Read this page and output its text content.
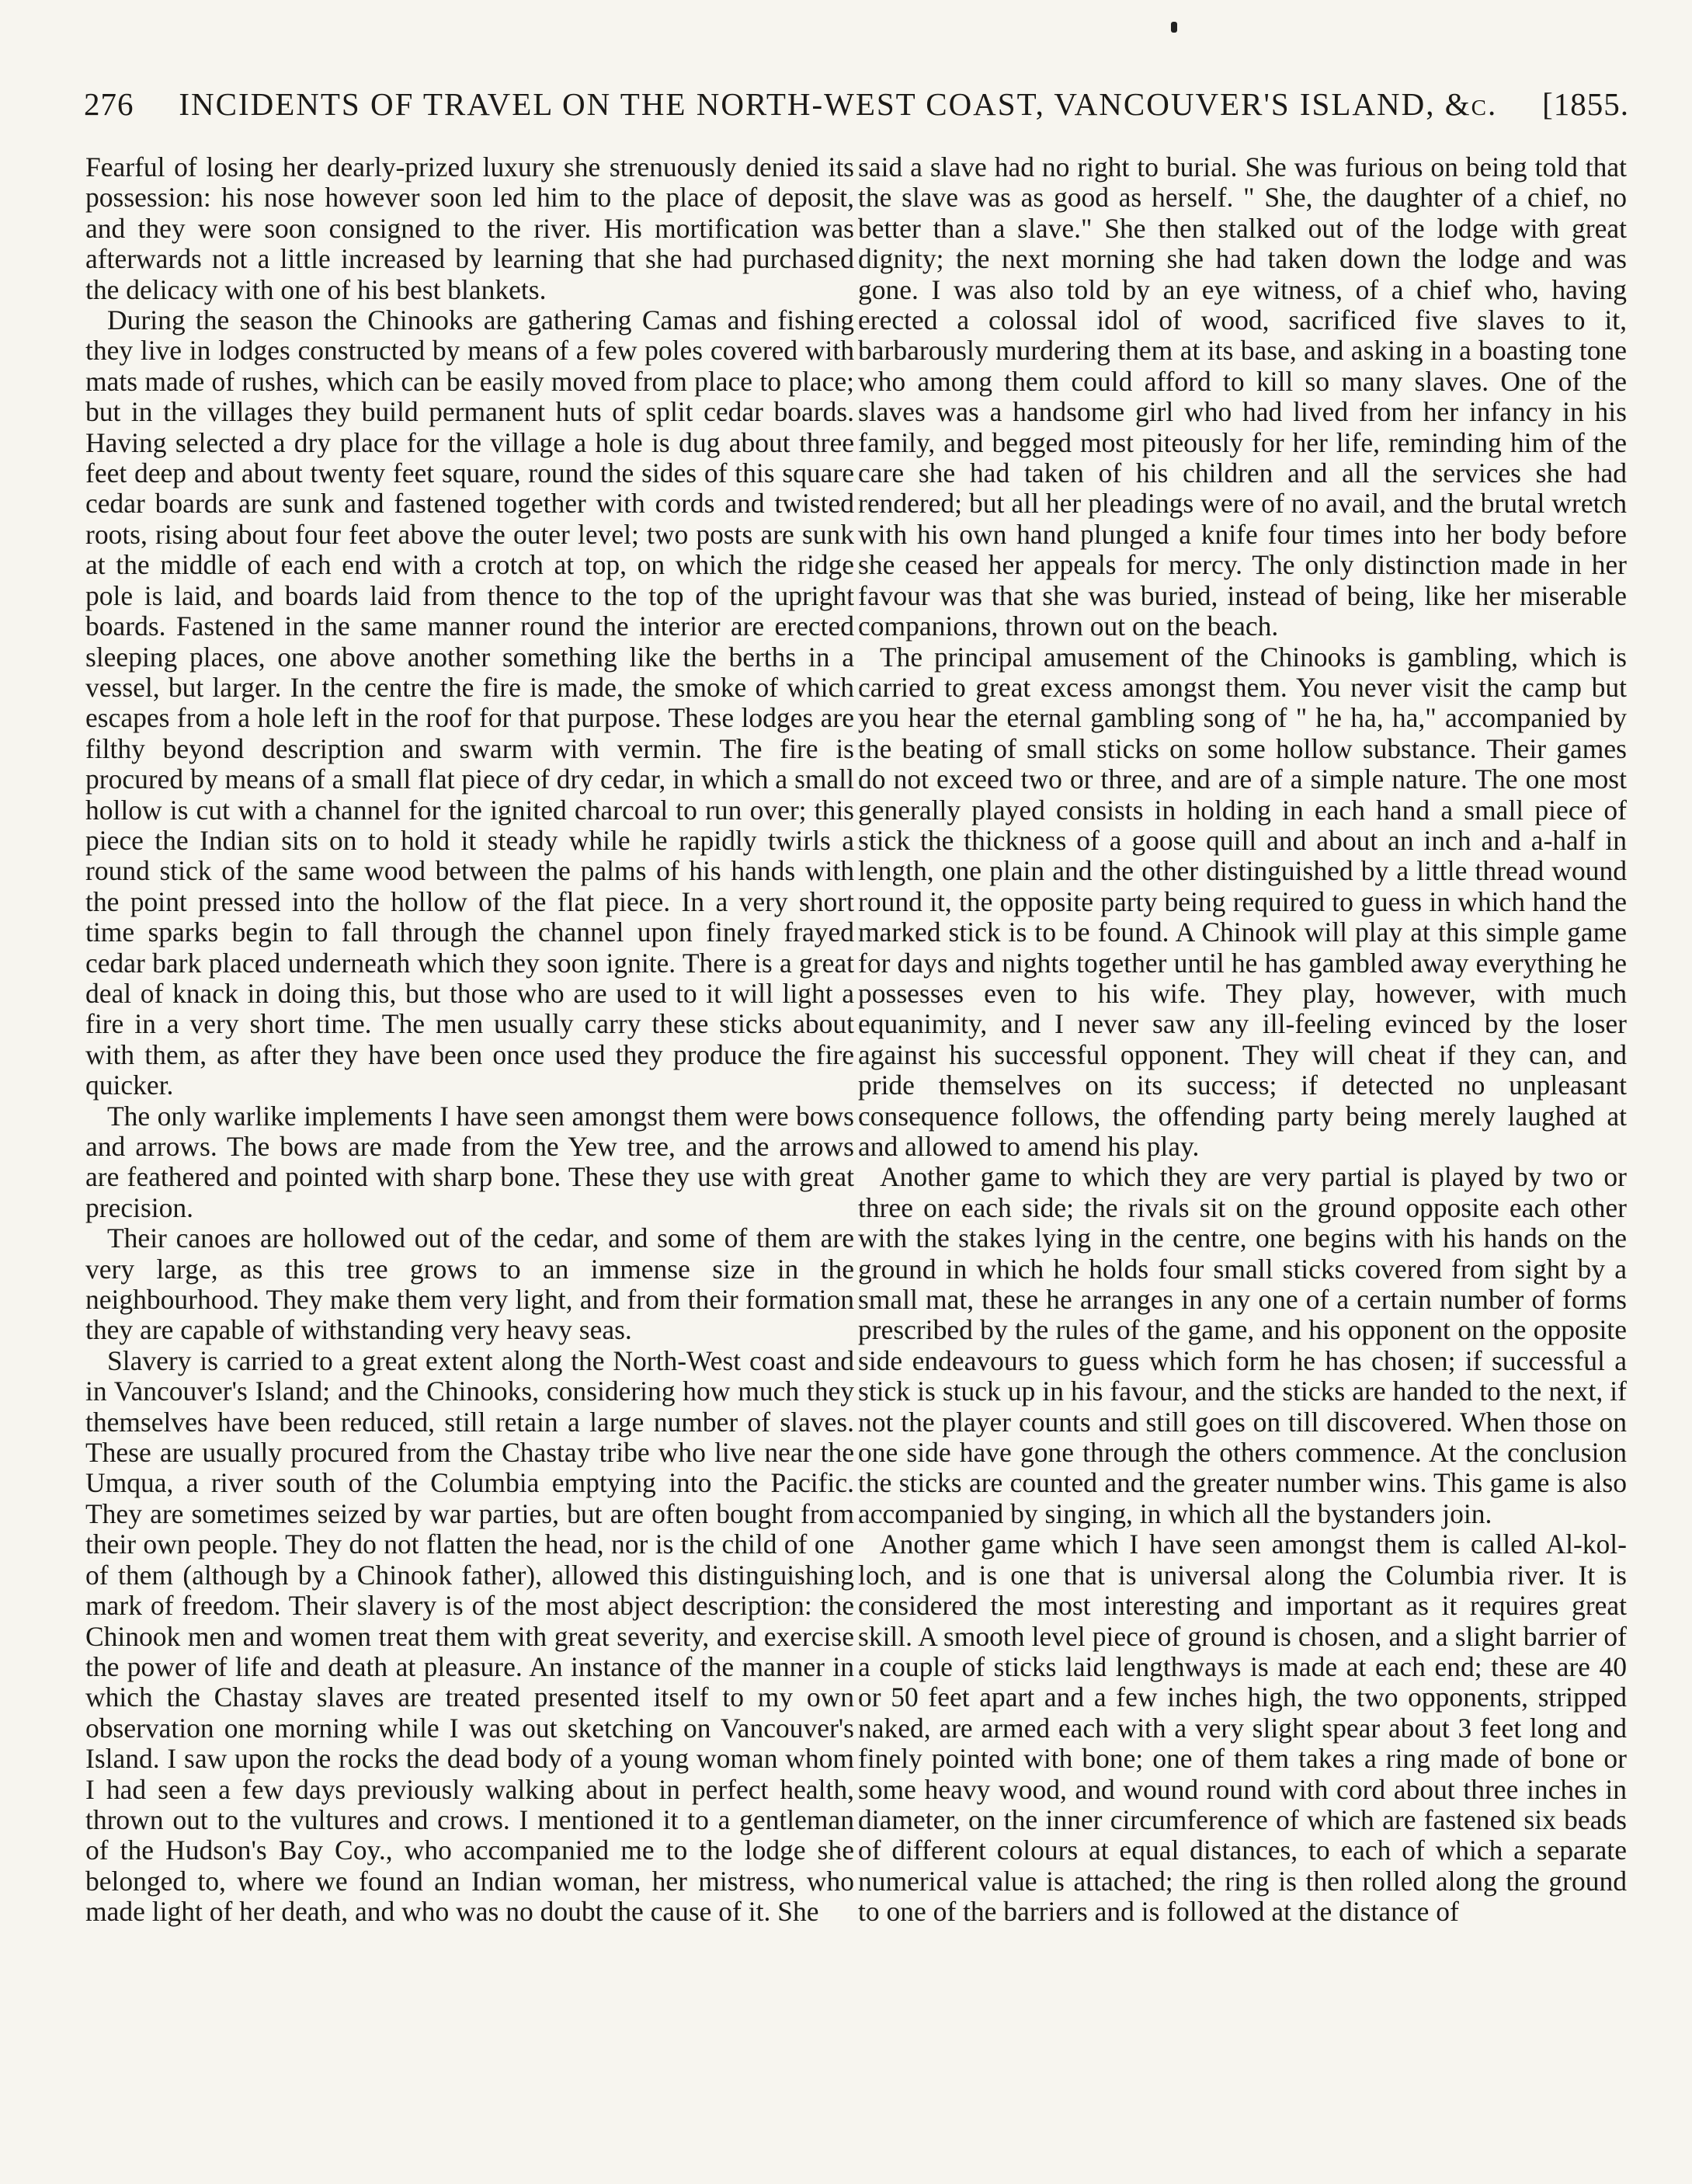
276 INCIDENTS OF TRAVEL ON THE NORTH-WEST COAST, VANCOUVER'S ISLAND, &c. [1855.

Fearful of losing her dearly-prized luxury she strenuously denied its possession: his nose however soon led him to the place of deposit, and they were soon consigned to the river. His mortification was afterwards not a little increased by learning that she had purchased the delicacy with one of his best blankets.

During the season the Chinooks are gathering Camas and fishing they live in lodges constructed by means of a few poles covered with mats made of rushes, which can be easily moved from place to place; but in the villages they build permanent huts of split cedar boards. Having selected a dry place for the village a hole is dug about three feet deep and about twenty feet square, round the sides of this square cedar boards are sunk and fastened together with cords and twisted roots, rising about four feet above the outer level; two posts are sunk at the middle of each end with a crotch at top, on which the ridge pole is laid, and boards laid from thence to the top of the upright boards. Fastened in the same manner round the interior are erected sleeping places, one above another something like the berths in a vessel, but larger. In the centre the fire is made, the smoke of which escapes from a hole left in the roof for that purpose. These lodges are filthy beyond description and swarm with vermin. The fire is procured by means of a small flat piece of dry cedar, in which a small hollow is cut with a channel for the ignited charcoal to run over; this piece the Indian sits on to hold it steady while he rapidly twirls a round stick of the same wood between the palms of his hands with the point pressed into the hollow of the flat piece. In a very short time sparks begin to fall through the channel upon finely frayed cedar bark placed underneath which they soon ignite. There is a great deal of knack in doing this, but those who are used to it will light a fire in a very short time. The men usually carry these sticks about with them, as after they have been once used they produce the fire quicker.

The only warlike implements I have seen amongst them were bows and arrows. The bows are made from the Yew tree, and the arrows are feathered and pointed with sharp bone. These they use with great precision.

Their canoes are hollowed out of the cedar, and some of them are very large, as this tree grows to an immense size in the neighbourhood. They make them very light, and from their formation they are capable of withstanding very heavy seas.

Slavery is carried to a great extent along the North-West coast and in Vancouver's Island; and the Chinooks, considering how much they themselves have been reduced, still retain a large number of slaves. These are usually procured from the Chastay tribe who live near the Umqua, a river south of the Columbia emptying into the Pacific. They are sometimes seized by war parties, but are often bought from their own people. They do not flatten the head, nor is the child of one of them (although by a Chinook father), allowed this distinguishing mark of freedom. Their slavery is of the most abject description: the Chinook men and women treat them with great severity, and exercise the power of life and death at pleasure. An instance of the manner in which the Chastay slaves are treated presented itself to my own observation one morning while I was out sketching on Vancouver's Island. I saw upon the rocks the dead body of a young woman whom I had seen a few days previously walking about in perfect health, thrown out to the vultures and crows. I mentioned it to a gentleman of the Hudson's Bay Coy., who accompanied me to the lodge she belonged to, where we found an Indian woman, her mistress, who made light of her death, and who was no doubt the cause of it. She

said a slave had no right to burial. She was furious on being told that the slave was as good as herself. " She, the daughter of a chief, no better than a slave." She then stalked out of the lodge with great dignity; the next morning she had taken down the lodge and was gone. I was also told by an eye witness, of a chief who, having erected a colossal idol of wood, sacrificed five slaves to it, barbarously murdering them at its base, and asking in a boasting tone who among them could afford to kill so many slaves. One of the slaves was a handsome girl who had lived from her infancy in his family, and begged most piteously for her life, reminding him of the care she had taken of his children and all the services she had rendered; but all her pleadings were of no avail, and the brutal wretch with his own hand plunged a knife four times into her body before she ceased her appeals for mercy. The only distinction made in her favour was that she was buried, instead of being, like her miserable companions, thrown out on the beach.

The principal amusement of the Chinooks is gambling, which is carried to great excess amongst them. You never visit the camp but you hear the eternal gambling song of " he ha, ha," accompanied by the beating of small sticks on some hollow substance. Their games do not exceed two or three, and are of a simple nature. The one most generally played consists in holding in each hand a small piece of stick the thickness of a goose quill and about an inch and a-half in length, one plain and the other distinguished by a little thread wound round it, the opposite party being required to guess in which hand the marked stick is to be found. A Chinook will play at this simple game for days and nights together until he has gambled away everything he possesses even to his wife. They play, however, with much equanimity, and I never saw any ill-feeling evinced by the loser against his successful opponent. They will cheat if they can, and pride themselves on its success; if detected no unpleasant consequence follows, the offending party being merely laughed at and allowed to amend his play.

Another game to which they are very partial is played by two or three on each side; the rivals sit on the ground opposite each other with the stakes lying in the centre, one begins with his hands on the ground in which he holds four small sticks covered from sight by a small mat, these he arranges in any one of a certain number of forms prescribed by the rules of the game, and his opponent on the opposite side endeavours to guess which form he has chosen; if successful a stick is stuck up in his favour, and the sticks are handed to the next, if not the player counts and still goes on till discovered. When those on one side have gone through the others commence. At the conclusion the sticks are counted and the greater number wins. This game is also accompanied by singing, in which all the bystanders join.

Another game which I have seen amongst them is called Al-kol-loch, and is one that is universal along the Columbia river. It is considered the most interesting and important as it requires great skill. A smooth level piece of ground is chosen, and a slight barrier of a couple of sticks laid lengthways is made at each end; these are 40 or 50 feet apart and a few inches high, the two opponents, stripped naked, are armed each with a very slight spear about 3 feet long and finely pointed with bone; one of them takes a ring made of bone or some heavy wood, and wound round with cord about three inches in diameter, on the inner circumference of which are fastened six beads of different colours at equal distances, to each of which a separate numerical value is attached; the ring is then rolled along the ground to one of the barriers and is followed at the distance of
